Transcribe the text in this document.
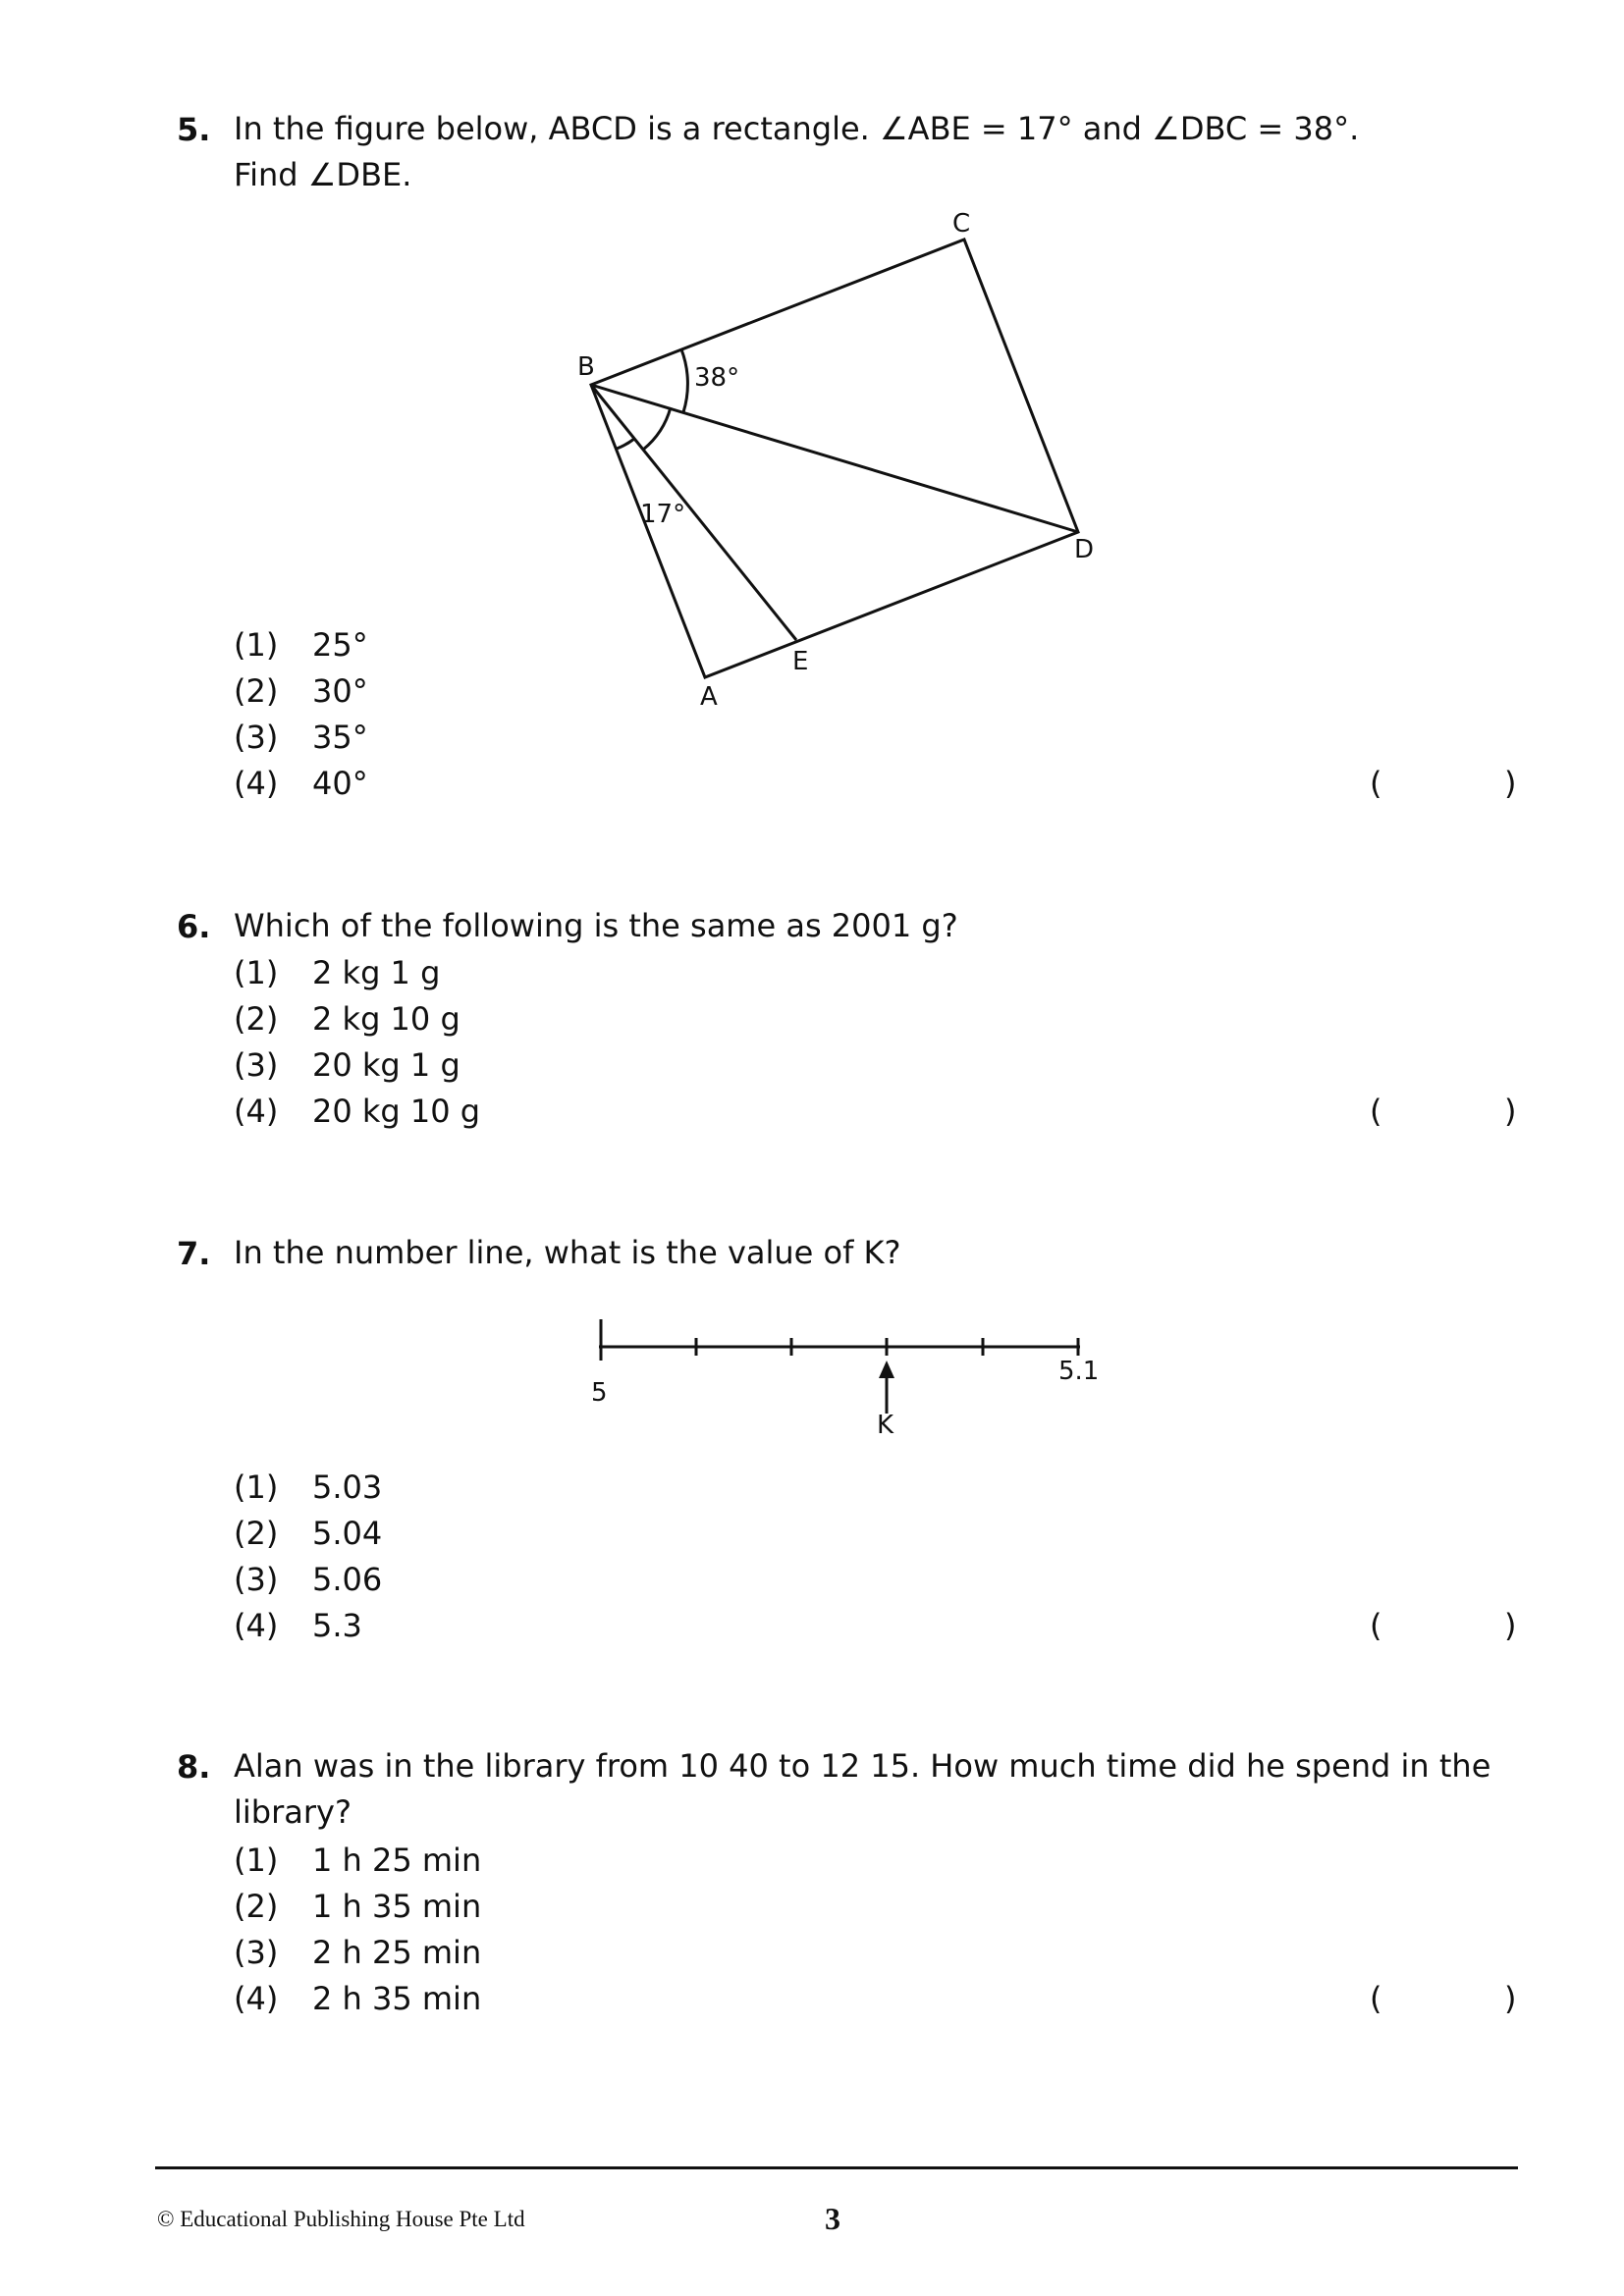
5. In the figure below, ABCD is a rectangle. ∠ABE = 17° and ∠DBC = 38°.
Find ∠DBE.
B
C
D
E
A
38°
17°
(1) 25°
(2) 30°
(3) 35°
(4) 40°	(	)
6. Which of the following is the same as 2001 g?
(1) 2 kg 1 g
(2) 2 kg 10 g
(3) 20 kg 1 g
(4) 20 kg 10 g	(	)
7. In the number line, what is the value of K?
5
5.1
K
(1) 5.03
(2) 5.04
(3) 5.06
(4) 5.3	(	)
8. Alan was in the library from 10 40 to 12 15. How much time did he spend in the
library?
(1) 1 h 25 min
(2) 1 h 35 min
(3) 2 h 25 min
(4) 2 h 35 min	(	)
© Educational Publishing House Pte Ltd	3
